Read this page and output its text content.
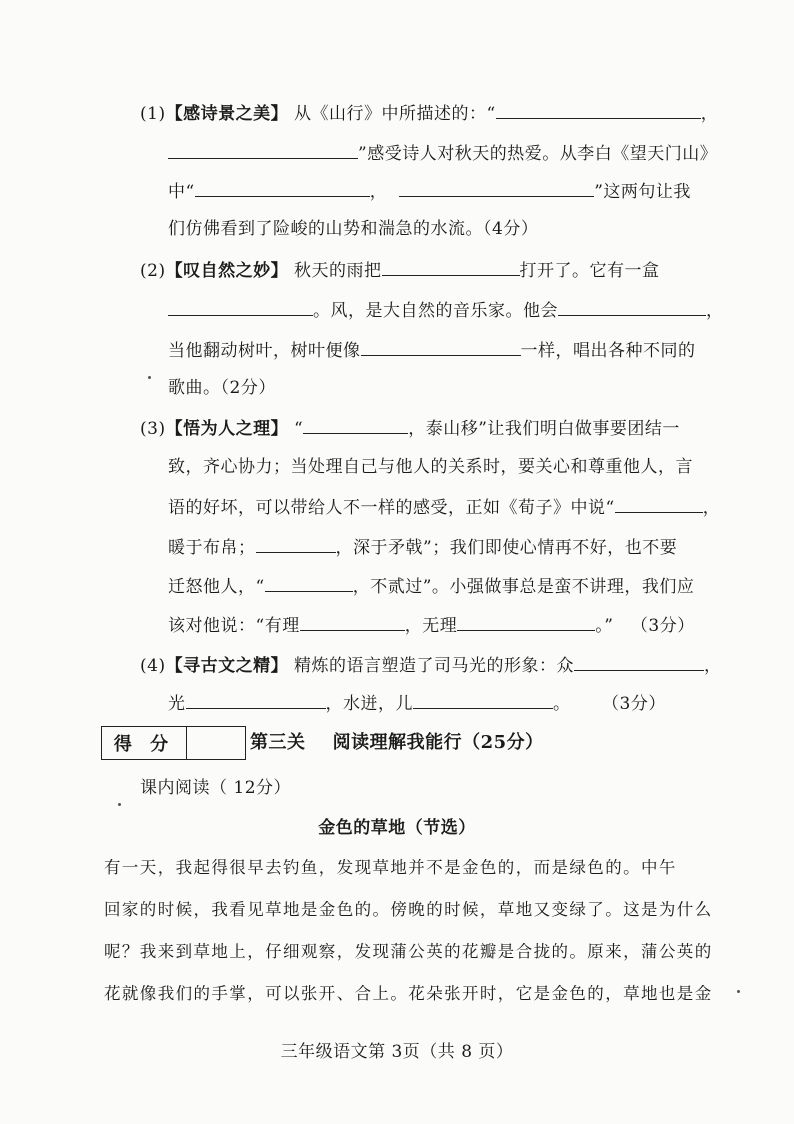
(1)【感诗景之美】 从《山行》中所描述的：“	，
”感受诗人对秋天的热爱。从李白《望天门山》
中“	，	”这两句让我
们仿佛看到了险峻的山势和湍急的水流。（4分）
(2)【叹自然之妙】 秋天的雨把	打开了。它有一盒
。风，是大自然的音乐家。他会	，
当他翻动树叶，树叶便像	一样，唱出各种不同的
歌曲。（2分）
(3)【悟为人之理】 “	，泰山移”让我们明白做事要团结一
致，齐心协力；当处理自己与他人的关系时，要关心和尊重他人，言
语的好坏，可以带给人不一样的感受，正如《荀子》中说“	，
暖于布帛；	，深于矛戟”；我们即使心情再不好，也不要
迁怒他人，“	，不贰过”。小强做事总是蛮不讲理，我们应
该对他说：“有理	，无理	。” （3分）
(4)【寻古文之精】 精炼的语言塑造了司马光的形象：众	，
光	，水迸，儿	。 （3分）
得 分	第三关    阅读理解我能行（25分）
课内阅读（ 12分）
金色的草地（节选）
有一天，我起得很早去钓鱼，发现草地并不是金色的，而是绿色的。中午
回家的时候，我看见草地是金色的。傍晚的时候，草地又变绿了。这是为什么
呢？我来到草地上，仔细观察，发现蒲公英的花瓣是合拢的。原来，蒲公英的
花就像我们的手掌，可以张开、合上。花朵张开时，它是金色的，草地也是金
三年级语文第 3页（共 8 页）
